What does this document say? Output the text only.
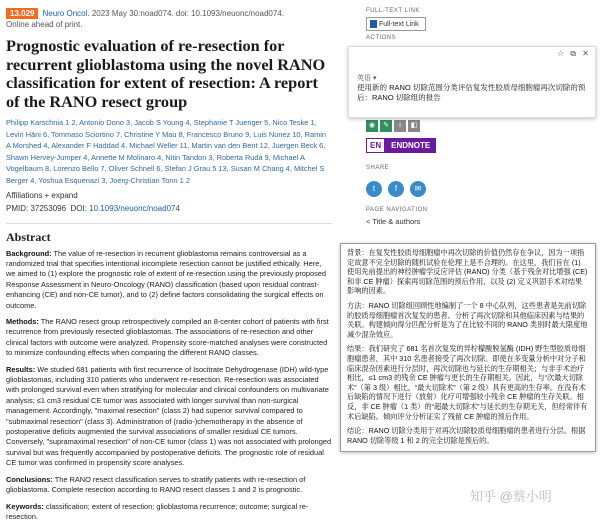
13.029 Neuro Oncol. 2023 May 30:noad074. doi: 10.1093/neuonc/noad074.
Online ahead of print.
Prognostic evaluation of re-resection for recurrent glioblastoma using the novel RANO classification for extent of resection: A report of the RANO resect group
Philipp Karschnia 1 2, Antonio Dono 3, Jacob S Young 4, Stephanie T Juenger 5, Nico Teske 1, Levin Häni 6, Tommaso Sciortino 7, Christine Y Mau 8, Francesco Bruno 9, Luis Nunez 10, Ramin A Morshed 4, Alexander F Haddad 4, Michael Weller 11, Martin van den Bent 12, Juergen Beck 6, Shawn Hervey-Jumper 4, Annette M Molinaro 4, Nitin Tandon 3, Roberta Rudà 9, Michael A Vogelbaum 8, Lorenzo Bello 7, Oliver Schnell 6, Stefan J Grau 5 13, Susan M Chang 4, Mitchel S Berger 4, Yoshua Esquenazi 3, Joerg-Christian Tonn 1 2
Affiliations + expand
PMID: 37253096 DOI: 10.1093/neuonc/noad074
Abstract

Background: The value of re-resection in recurrent glioblastoma remains controversial as a randomized trial that specifies intentional incomplete resection cannot be justified ethically. Here, we aimed to (1) explore the prognostic role of extent of re-resection using the previously proposed Response Assessment in Neuro-Oncology (RANO) classification (based upon residual contrast-enhancing (CE) and non-CE tumor), and to (2) define factors consolidating the surgical effects on outcome.

Methods: The RANO resect group retrospectively compiled an 8-center cohort of patients with first recurrence from previously resected glioblastomas. The associations of re-resection and other clinical factors with outcome were analyzed. Propensity score-matched analyses were constructed to minimize confounding effects when comparing the different RANO classes.

Results: We studied 681 patients with first recurrence of Isocitrate Dehydrogenase (IDH) wild-type glioblastomas, including 310 patients who underwent re-resection. Re-resection was associated with prolonged survival even when stratifying for molecular and clinical confounders on multivariate analysis; ≤1 cm3 residual CE tumor was associated with longer survival than non-surgical management. Accordingly, "maximal resection" (class 2) had superior survival compared to "submaximal resection" (class 3). Administration of (radio-)chemotherapy in the absence of postoperative deficits augmented the survival associations of smaller residual CE tumors. Conversely, "supramaximal resection" of non-CE tumor (class 1) was not associated with prolonged survival but was frequently accompanied by postoperative deficits. The prognostic role of residual CE tumor was confirmed in propensity score analyses.

Conclusions: The RANO resect classification serves to stratify patients with re-resection of glioblastoma. Complete resection according to RANO resect classes 1 and 2 is prognostic.

Keywords: classification; extent of resection; glioblastoma recurrence; outcome; surgical re-resection.

FULL-TEXT LINK
Full-text Link
ACTIONS
◉	✎	i	◧
EN	ENDNOTE
SHARE
t	f	✉
PAGE NAVIGATION
< Title & authors
☆ ⧉ ✕
英语 ▾
使用新的 RANO 切除范围分类评估复发性胶质母细胞瘤再次切除的预后：RANO 切除组的报告

背景：在复发性胶质母细胞瘤中再次切除的价值仍然存在争议，因为一项指定故意不完全切除的随机试验在伦理上是不合理的。在这里，我们旨在 (1) 使用先前提出的神经肿瘤学反应评估 (RANO) 分类（基于残余对比增强 (CE) 和非 CE 肿瘤）探索再切除范围的预后作用，以及 (2) 定义巩固手术对结果影响的因素。

方法：RANO 切除组回顾性地编制了一个 8 中心队列，这些患者是先前切除的胶质母细胞瘤首次复发的患者。分析了再次切除和其他临床因素与结果的关联。构建倾向得分匹配分析是为了在比较不同的 RANO 类别时最大限度地减少混杂效应。

结果：我们研究了 681 名首次复发的异柠檬酸脱氢酶 (IDH) 野生型胶质母细胞瘤患者，其中 310 名患者接受了再次切除。即使在多变量分析中对分子和临床混杂因素进行分层时，再次切除也与延长的生存期相关；与非手术治疗相比，≤1 cm3 的残余 CE 肿瘤与更长的生存期相关。因此，与“次最大切除术”（第 3 级）相比，“最大切除术”（第 2 级）具有更高的生存率。在没有术后缺陷的情况下进行（放射）化疗可增强较小残余 CE 肿瘤的生存关联。相反，非 CE 肿瘤（1 类）的“超最大切除术”与延长的生存期无关，但经常伴有术后缺陷。倾向评分分析证实了残留 CE 肿瘤的预后作用。

结论：RANO 切除分类用于对再次切除胶质母细胞瘤的患者进行分层。根据 RANO 切除等级 1 和 2 的完全切除是预后的。

知乎 @蔡小明
